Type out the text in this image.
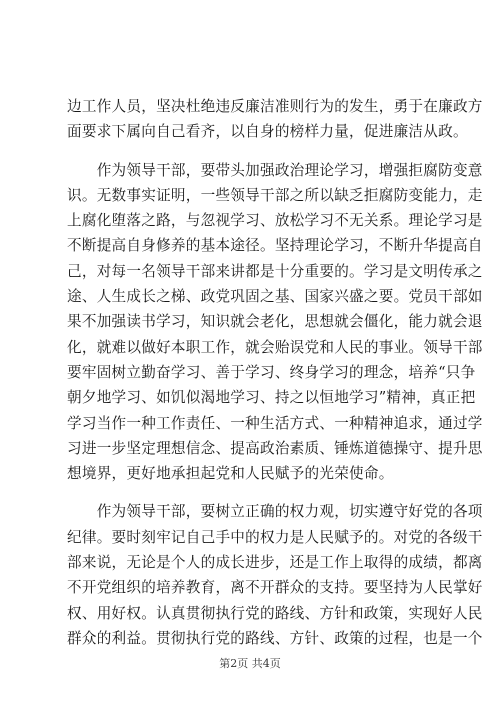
边工作人员，坚决杜绝违反廉洁准则行为的发生，勇于在廉政方
面要求下属向自己看齐，以自身的榜样力量，促进廉洁从政。
　　作为领导干部，要带头加强政治理论学习，增强拒腐防变意
识。无数事实证明，一些领导干部之所以缺乏拒腐防变能力，走
上腐化堕落之路，与忽视学习、放松学习不无关系。理论学习是
不断提高自身修养的基本途径。坚持理论学习，不断升华提高自
己，对每一名领导干部来讲都是十分重要的。学习是文明传承之
途、人生成长之梯、政党巩固之基、国家兴盛之要。党员干部如
果不加强读书学习，知识就会老化，思想就会僵化，能力就会退
化，就难以做好本职工作，就会贻误党和人民的事业。领导干部
要牢固树立勤奋学习、善于学习、终身学习的理念，培养“只争
朝夕地学习、如饥似渴地学习、持之以恒地学习”精神，真正把
学习当作一种工作责任、一种生活方式、一种精神追求，通过学
习进一步坚定理想信念、提高政治素质、锤炼道德操守、提升思
想境界，更好地承担起党和人民赋予的光荣使命。
　　作为领导干部，要树立正确的权力观，切实遵守好党的各项
纪律。要时刻牢记自己手中的权力是人民赋予的。对党的各级干
部来说，无论是个人的成长进步，还是工作上取得的成绩，都离
不开党组织的培养教育，离不开群众的支持。要坚持为人民掌好
权、用好权。认真贯彻执行党的路线、方针和政策，实现好人民
群众的利益。贯彻执行党的路线、方针、政策的过程，也是一个
第2页 共4页
